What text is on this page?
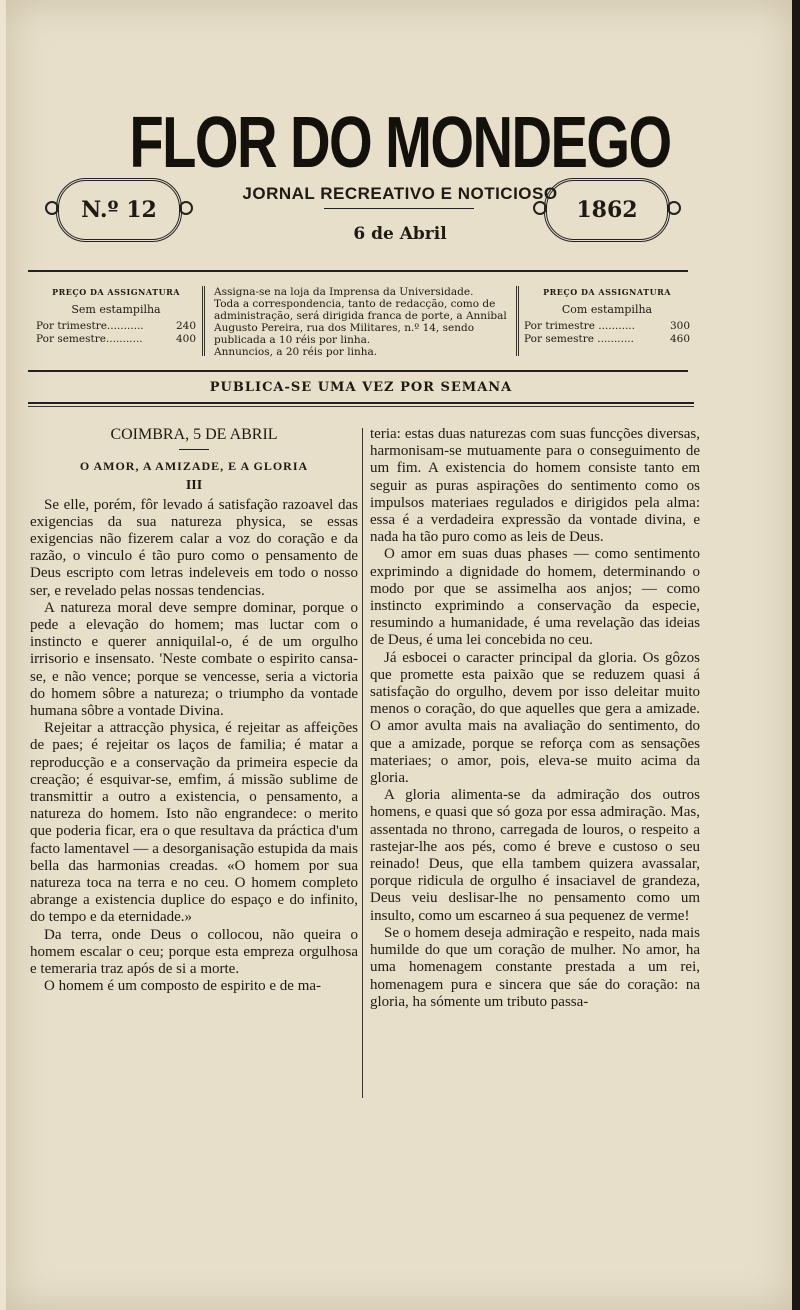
FLOR DO MONDEGO
JORNAL RECREATIVO E NOTICIOSO
6 de Abril
N.º 12	1862
PREÇO DA ASSIGNATURA
Sem estampilha
Por trimestre...........	240
Por semestre...........	400
Assigna-se na loja da Imprensa da Universidade.
Toda a correspondencia, tanto de redacção, como de administração, será dirigida franca de porte, a Annibal Augusto Pereira, rua dos Militares, n.º 14, sendo publicada a 10 réis por linha.
Annuncios, a 20 réis por linha.
PREÇO DA ASSIGNATURA
Com estampilha
Por trimestre ...........	300
Por semestre ...........	460
PUBLICA-SE UMA VEZ POR SEMANA
COIMBRA, 5 DE ABRIL
O AMOR, A AMIZADE, E A GLORIA
III

Se elle, porém, fôr levado á satisfação razoavel das exigencias da sua natureza physica, se essas exigencias não fizerem calar a voz do coração e da razão, o vinculo é tão puro como o pensamento de Deus escripto com letras indeleveis em todo o nosso ser, e revelado pelas nossas tendencias.

A natureza moral deve sempre dominar, porque o pede a elevação do homem; mas luctar com o instincto e querer anniquilal-o, é de um orgulho irrisorio e insensato. 'Neste combate o espirito cansa-se, e não vence; porque se vencesse, seria a victoria do homem sôbre a natureza; o triumpho da vontade humana sôbre a vontade Divina.

Rejeitar a attracção physica, é rejeitar as affeições de paes; é rejeitar os laços de familia; é matar a reproducção e a conservação da primeira especie da creação; é esquivar-se, emfim, á missão sublime de transmittir a outro a existencia, o pensamento, a natureza do homem. Isto não engrandece: o merito que poderia ficar, era o que resultava da práctica d'um facto lamentavel — a desorganisação estupida da mais bella das harmonias creadas. «O homem por sua natureza toca na terra e no ceu. O homem completo abrange a existencia duplice do espaço e do infinito, do tempo e da eternidade.»

Da terra, onde Deus o collocou, não queira o homem escalar o ceu; porque esta empreza orgulhosa e temeraria traz após de si a morte.

O homem é um composto de espirito e de ma-

teria: estas duas naturezas com suas funcções diversas, harmonisam-se mutuamente para o conseguimento de um fim. A existencia do homem consiste tanto em seguir as puras aspirações do sentimento como os impulsos materiaes regulados e dirigidos pela alma: essa é a verdadeira expressão da vontade divina, e nada ha tão puro como as leis de Deus.

O amor em suas duas phases — como sentimento exprimindo a dignidade do homem, determinando o modo por que se assimelha aos anjos; — como instincto exprimindo a conservação da especie, resumindo a humanidade, é uma revelação das ideias de Deus, é uma lei concebida no ceu.

Já esbocei o caracter principal da gloria. Os gôzos que promette esta paixão que se reduzem quasi á satisfação do orgulho, devem por isso deleitar muito menos o coração, do que aquelles que gera a amizade. O amor avulta mais na avaliação do sentimento, do que a amizade, porque se reforça com as sensações materiaes; o amor, pois, eleva-se muito acima da gloria.

A gloria alimenta-se da admiração dos outros homens, e quasi que só goza por essa admiração. Mas, assentada no throno, carregada de louros, o respeito a rastejar-lhe aos pés, como é breve e custoso o seu reinado! Deus, que ella tambem quizera avassalar, porque ridicula de orgulho é insaciavel de grandeza, Deus veiu deslisar-lhe no pensamento como um insulto, como um escarneo á sua pequenez de verme!

Se o homem deseja admiração e respeito, nada mais humilde do que um coração de mulher. No amor, ha uma homenagem constante prestada a um rei, homenagem pura e sincera que sáe do coração: na gloria, ha sómente um tributo passa-
